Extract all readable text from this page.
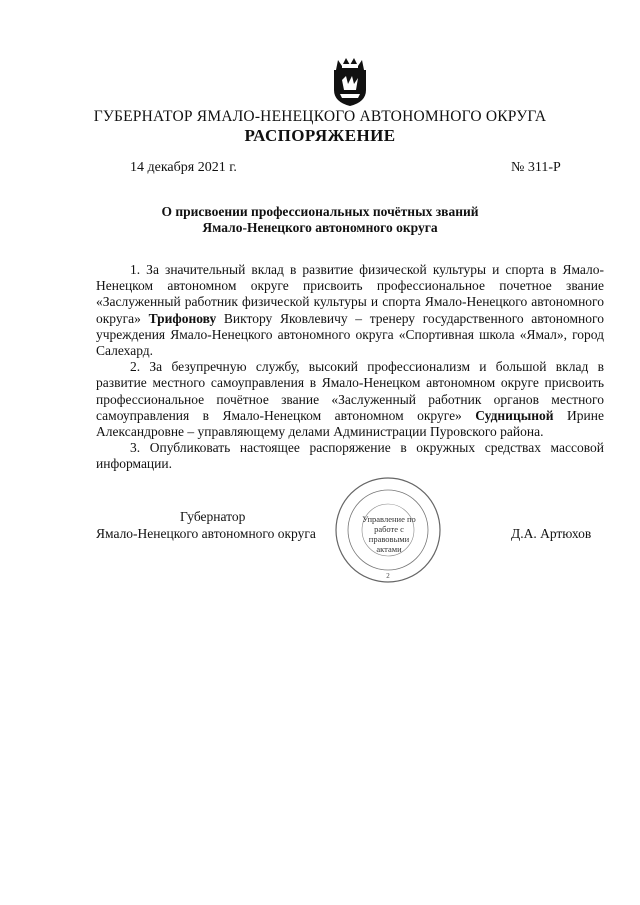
ГУБЕРНАТОР ЯМАЛО-НЕНЕЦКОГО АВТОНОМНОГО ОКРУГА
РАСПОРЯЖЕНИЕ
14 декабря 2021 г.	№ 311-Р
О присвоении профессиональных почётных званий
Ямало-Ненецкого автономного округа

1. За значительный вклад в развитие физической культуры и спорта в Ямало-Ненецком автономном округе присвоить профессиональное почетное звание «Заслуженный работник физической культуры и спорта Ямало-Ненецкого автономного округа» Трифонову Виктору Яковлевичу – тренеру государственного автономного учреждения Ямало-Ненецкого автономного округа «Спортивная школа «Ямал», город Салехард.

2. За безупречную службу, высокий профессионализм и большой вклад в развитие местного самоуправления в Ямало-Ненецком автономном округе присвоить профессиональное почётное звание «Заслуженный работник органов местного самоуправления в Ямало-Ненецком автономном округе» Судницыной Ирине Александровне – управляющему делами Администрации Пуровского района.

3. Опубликовать настоящее распоряжение в окружных средствах массовой информации.

Губернатор
Ямало-Ненецкого автономного округа	Д.А. Артюхов
2
Управление по работе с правовыми актами
